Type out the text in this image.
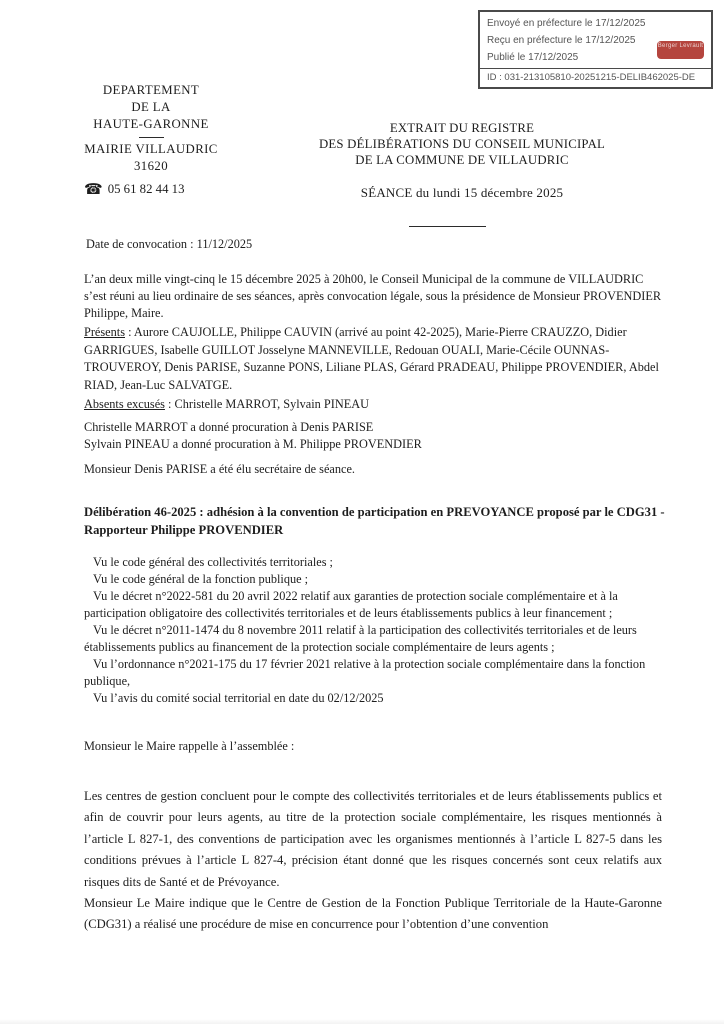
Envoyé en préfecture le 17/12/2025
Reçu en préfecture le 17/12/2025
Publié le 17/12/2025
ID : 031-213105810-20251215-DELIB462025-DE
Berger Levrault
DEPARTEMENT
DE LA
HAUTE-GARONNE
MAIRIE VILLAUDRIC
31620
☎ 05 61 82 44 13
EXTRAIT DU REGISTRE
DES DÉLIBÉRATIONS DU CONSEIL MUNICIPAL
DE LA COMMUNE DE VILLAUDRIC
SÉANCE du lundi 15 décembre 2025
Date de convocation : 11/12/2025
L’an deux mille vingt-cinq le 15 décembre 2025 à 20h00, le Conseil Municipal de la commune de VILLAUDRIC s’est réuni au lieu ordinaire de ses séances, après convocation légale, sous la présidence de Monsieur PROVENDIER Philippe, Maire.
Présents : Aurore CAUJOLLE, Philippe CAUVIN (arrivé au point 42-2025), Marie-Pierre CRAUZZO, Didier GARRIGUES, Isabelle GUILLOT Josselyne MANNEVILLE, Redouan OUALI, Marie-Cécile OUNNAS-TROUVEROY, Denis PARISE, Suzanne PONS, Liliane PLAS, Gérard PRADEAU, Philippe PROVENDIER, Abdel RIAD, Jean-Luc SALVATGE.
Absents excusés : Christelle MARROT, Sylvain PINEAU
Christelle MARROT a donné procuration à Denis PARISE
Sylvain PINEAU a donné procuration à M. Philippe PROVENDIER
Monsieur Denis PARISE a été élu secrétaire de séance.
Délibération 46-2025 : adhésion à la convention de participation en PREVOYANCE proposé par le CDG31 - Rapporteur Philippe PROVENDIER
Vu le code général des collectivités territoriales ;
Vu le code général de la fonction publique ;
Vu le décret n°2022-581 du 20 avril 2022 relatif aux garanties de protection sociale complémentaire et à la participation obligatoire des collectivités territoriales et de leurs établissements publics à leur financement ;
Vu le décret n°2011-1474 du 8 novembre 2011 relatif à la participation des collectivités territoriales et de leurs établissements publics au financement de la protection sociale complémentaire de leurs agents ;
Vu l’ordonnance n°2021-175 du 17 février 2021 relative à la protection sociale complémentaire dans la fonction publique,
Vu l’avis du comité social territorial en date du 02/12/2025
Monsieur le Maire rappelle à l’assemblée :
Les centres de gestion concluent pour le compte des collectivités territoriales et de leurs établissements publics et afin de couvrir pour leurs agents, au titre de la protection sociale complémentaire, les risques mentionnés à l’article L 827-1, des conventions de participation avec les organismes mentionnés à l’article L 827-5 dans les conditions prévues à l’article L 827-4, précision étant donné que les risques concernés sont ceux relatifs aux risques dits de Santé et de Prévoyance.
Monsieur Le Maire indique que le Centre de Gestion de la Fonction Publique Territoriale de la Haute-Garonne (CDG31) a réalisé une procédure de mise en concurrence pour l’obtention d’une convention
